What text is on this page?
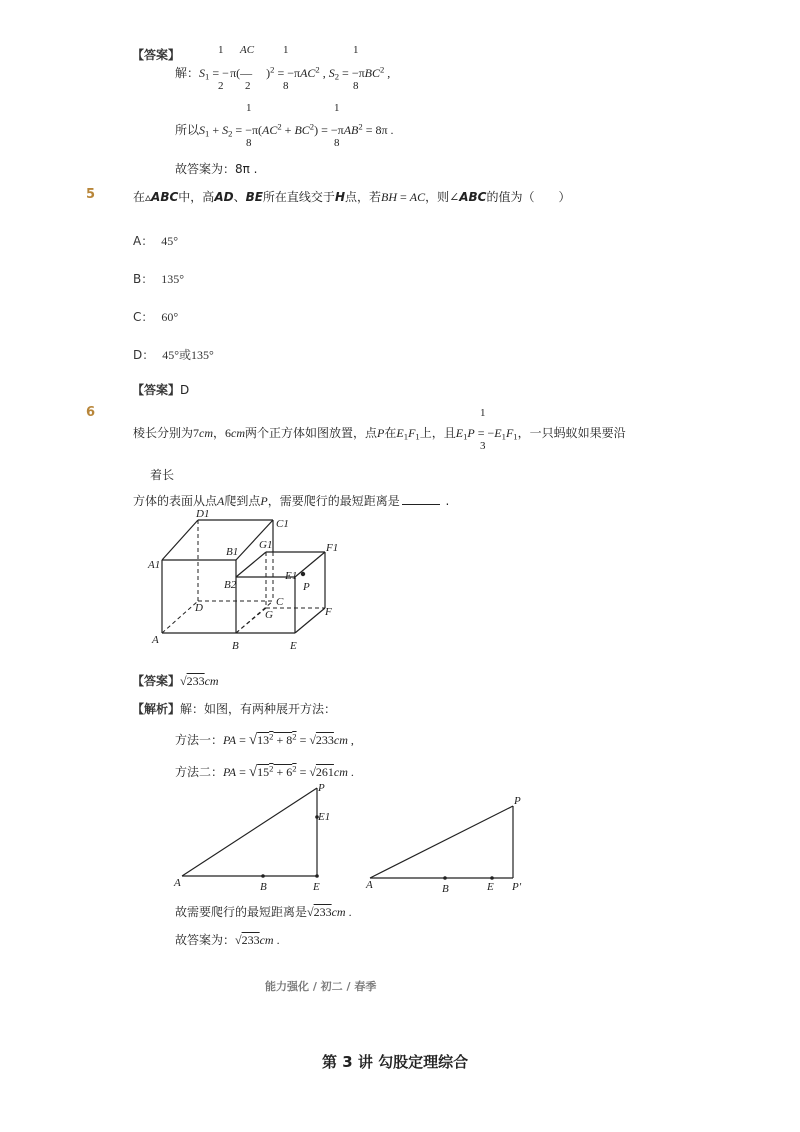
【答案】
解：$S_1$ = −π(— )$^2$ = −πAC$^2$ , $S_2 = -\pi BC^2$ ,
1
2
AC
2
1
8
1
8
所以$S_1 + S_2 = -\pi(AC^2 + BC^2) = -\pi AB^2 = 8\pi$ .
1
8
1
8
故答案为：8π .
5	在▵ABC中，高AD、BE所在直线交于H点，若BH = AC，则∠ABC的值为（　　）
A： 45°
B： 135°
C： 60°
D： 45°或135°
【答案】D
6	1
3
棱长分别为7cm，6cm两个正方体如图放置，点P在$E_1F_1$上，且$E_1P = -E_1F_1$，一只蚂蚁如果要沿
着长
方体的表面从点A爬到点P，需要爬行的最短距离是	.
D1
C1
B1
G1	F1
A1
B2
E1
P
D	C
G	F
A	B	E
【答案】√233cm
【解析】解：如图，有两种展开方法：
方法一：PA = $√13^2 + 8^2 = √233cm$ ,
方法二：PA = $√15^2 + 6^2 = √261cm$ .
P
E1
A	B	E
P
A	B	E P′
故需要爬行的最短距离是√233cm .
故答案为：√233cm .
能力强化 / 初二 / 春季
第 3 讲 勾股定理综合
